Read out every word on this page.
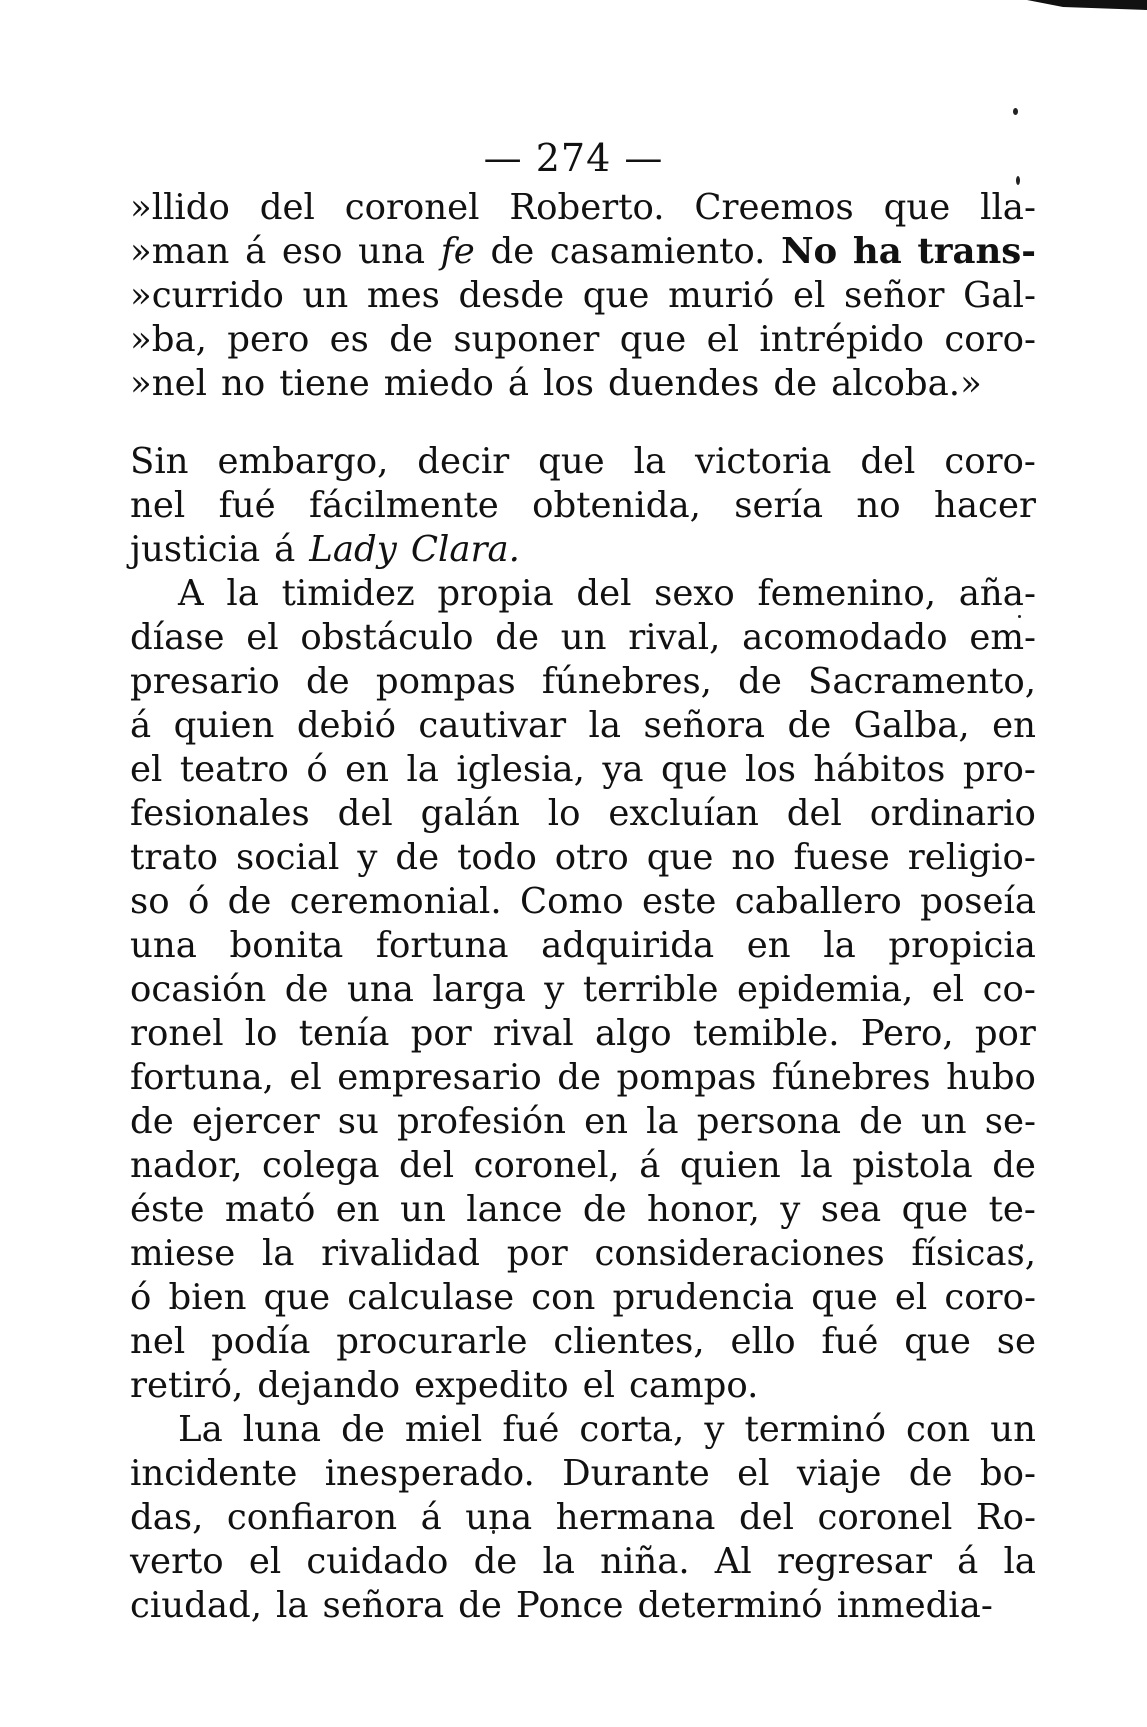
— 274 —
»llido del coronel Roberto. Creemos que lla-
»man á eso una fe de casamiento. No ha trans-
»currido un mes desde que murió el señor Gal-
»ba, pero es de suponer que el intrépido coro-
»nel no tiene miedo á los duendes de alcoba.»
Sin embargo, decir que la victoria del coro-
nel fué fácilmente obtenida, sería no hacer
justicia á Lady Clara.
A la timidez propia del sexo femenino, aña-
díase el obstáculo de un rival, acomodado em-
presario de pompas fúnebres, de Sacramento,
á quien debió cautivar la señora de Galba, en
el teatro ó en la iglesia, ya que los hábitos pro-
fesionales del galán lo excluían del ordinario
trato social y de todo otro que no fuese religio-
so ó de ceremonial. Como este caballero poseía
una bonita fortuna adquirida en la propicia
ocasión de una larga y terrible epidemia, el co-
ronel lo tenía por rival algo temible. Pero, por
fortuna, el empresario de pompas fúnebres hubo
de ejercer su profesión en la persona de un se-
nador, colega del coronel, á quien la pistola de
éste mató en un lance de honor, y sea que te-
miese la rivalidad por consideraciones físicas,
ó bien que calculase con prudencia que el coro-
nel podía procurarle clientes, ello fué que se
retiró, dejando expedito el campo.
La luna de miel fué corta, y terminó con un
incidente inesperado. Durante el viaje de bo-
das, confiaron á una hermana del coronel Ro-
verto el cuidado de la niña. Al regresar á la
ciudad, la señora de Ponce determinó inmedia-
